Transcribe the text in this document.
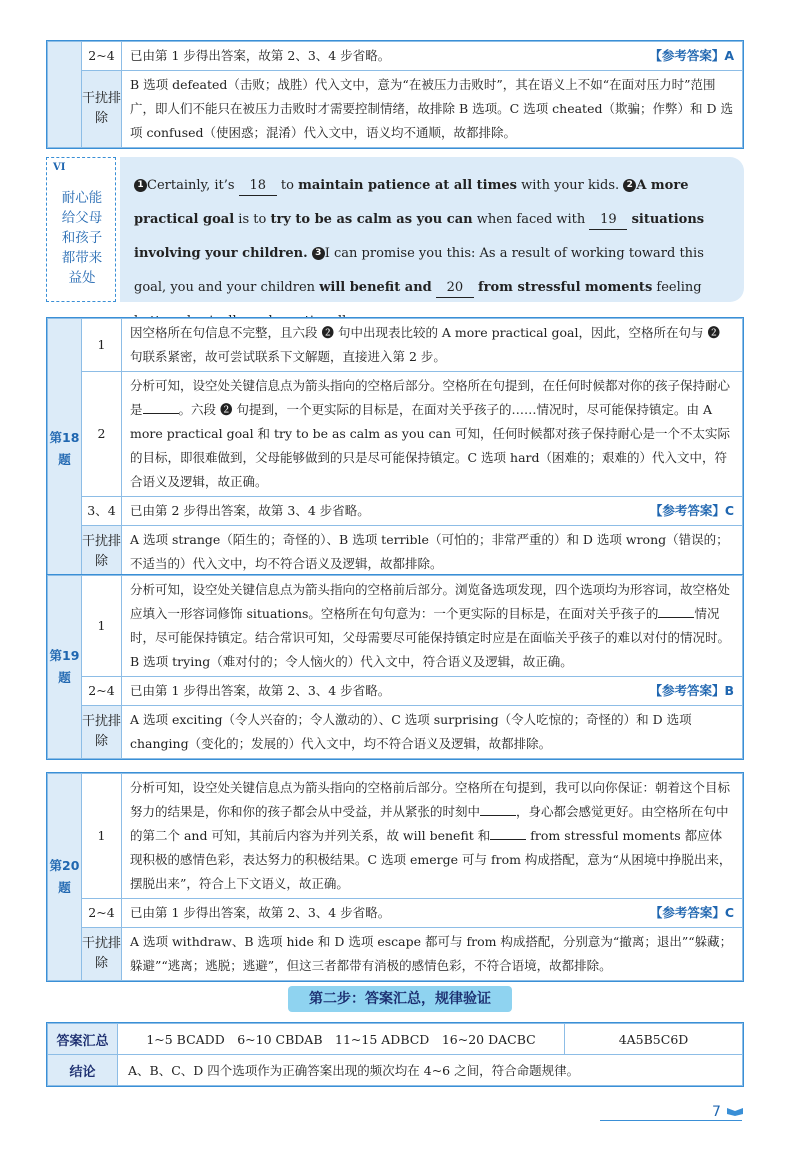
	2~4	已由第 1 步得出答案，故第 2、3、4 步省略。 【参考答案】A

	干扰排除	B 选项 defeated（击败；战胜）代入文中，意为“在被压力击败时”，其在语义上不如“在面对压力时”范围广，即人们不能只在被压力击败时才需要控制情绪，故排除 B 选项。C 选项 cheated（欺骗；作弊）和 D 选项 confused（使困惑；混淆）代入文中，语义均不通顺，故都排除。
VI
耐心能给父母和孩子都带来益处
1 Certainly, it’s 18 to maintain patience at all times with your kids. 2 A more practical goal is to try to be as calm as you can when faced with 19 situations involving your children. 3 I can promise you this: As a result of working toward this goal, you and your children will benefit and 20 from stressful moments feeling
第18题	1	因空格所在句信息不完整，且六段 ❷ 句中出现表比较的 A more practical goal，因此，空格所在句与 ❷ 句联系紧密，故可尝试联系下文解题，直接进入第 2 步。
	2	分析可知，设空处关键信息点为箭头指向的空格后部分。空格所在句提到，在任何时候都对你的孩子保持耐心是 。六段 ❷ 句提到，一个更实际的目标是，在面对关乎孩子的……情况时，尽可能保持镇定。由 A more practical goal 和 try to be as calm as you can 可知，任何时候都对孩子保持耐心是一个不太实际的目标，即很难做到，父母能够做到的只是尽可能保持镇定。C 选项 hard（困难的；艰难的）代入文中，符合语义及逻辑，故正确。
	3、4	已由第 2 步得出答案，故第 3、4 步省略。 【参考答案】C

	干扰排除	A 选项 strange（陌生的；奇怪的）、B 选项 terrible（可怕的；非常严重的）和 D 选项 wrong（错误的；不适当的）代入文中，均不符合语义及逻辑，故都排除。
第19题	1	分析可知，设空处关键信息点为箭头指向的空格前后部分。浏览备选项发现，四个选项均为形容词，故空格处应填入一形容词修饰 situations。空格所在句句意为：一个更实际的目标是，在面对关乎孩子的 情况时，尽可能保持镇定。结合常识可知，父母需要尽可能保持镇定时应是在面临关乎孩子的难以对付的情况时。B 选项 trying（难对付的；令人恼火的）代入文中，符合语义及逻辑，故正确。
	2~4	已由第 1 步得出答案，故第 2、3、4 步省略。 【参考答案】B

	干扰排除	A 选项 exciting（令人兴奋的；令人激动的）、C 选项 surprising（令人吃惊的；奇怪的）和 D 选项 changing（变化的；发展的）代入文中，均不符合语义及逻辑，故都排除。
第20题	1	分析可知，设空处关键信息点为箭头指向的空格前后部分。空格所在句提到，我可以向你保证：朝着这个目标努力的结果是，你和你的孩子都会从中受益，并从紧张的时刻中 ，身心都会感觉更好。由空格所在句中的第二个 and 可知，其前后内容为并列关系，故 will benefit 和 from stressful moments 都应体现积极的感情色彩，表达努力的积极结果。C 选项 emerge 可与 from 构成搭配，意为“从困境中挣脱出来，摆脱出来”，符合上下文语义，故正确。
	2~4	已由第 1 步得出答案，故第 2、3、4 步省略。 【参考答案】C

	干扰排除	A 选项 withdraw、B 选项 hide 和 D 选项 escape 都可与 from 构成搭配，分别意为“撤离；退出”“躲藏；躲避”“逃离；逃脱；逃避”，但这三者都带有消极的感情色彩，不符合语境，故都排除。
第二步：答案汇总，规律验证
答案汇总	1~5 BCADD　6~10 CBDAB　11~15 ADBCD　16~20 DACBC	4A5B5C6D
结论	A、B、C、D 四个选项作为正确答案出现的频次均在 4~6 之间，符合命题规律。	
7
